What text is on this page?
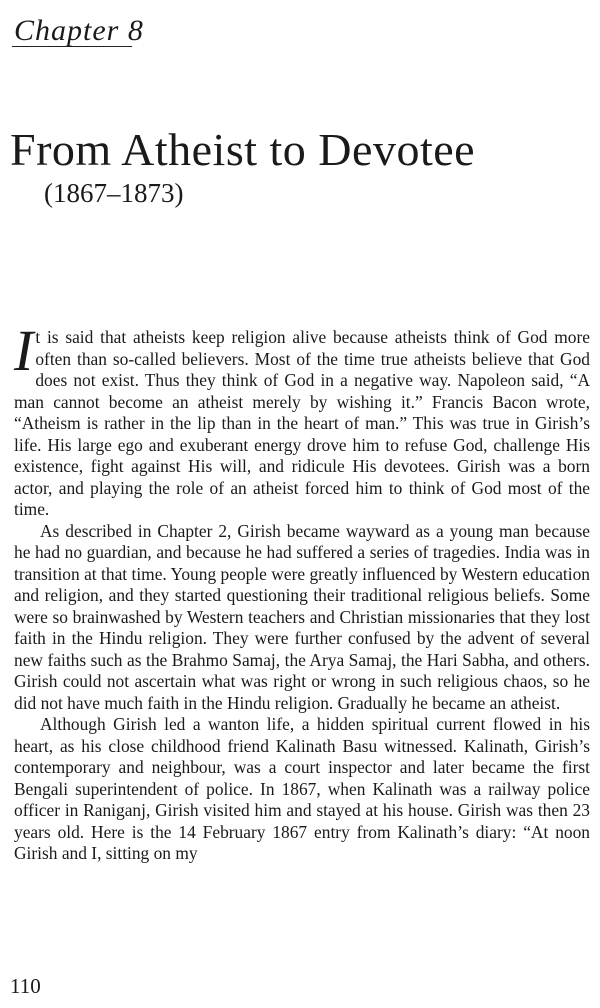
Chapter 8
From Atheist to Devotee
(1867–1873)

It is said that atheists keep religion alive because atheists think of God more often than so-called believers. Most of the time true atheists believe that God does not exist. Thus they think of God in a negative way. Napoleon said, “A man cannot become an atheist merely by wishing it.” Francis Bacon wrote, “Atheism is rather in the lip than in the heart of man.” This was true in Girish’s life. His large ego and exuberant energy drove him to refuse God, challenge His existence, fight against His will, and ridicule His devotees. Girish was a born actor, and playing the role of an atheist forced him to think of God most of the time.

As described in Chapter 2, Girish became wayward as a young man because he had no guardian, and because he had suffered a series of tragedies. India was in transition at that time. Young people were greatly influenced by Western education and religion, and they started questioning their traditional religious beliefs. Some were so brainwashed by Western teachers and Christian missionaries that they lost faith in the Hindu religion. They were further confused by the advent of several new faiths such as the Brahmo Samaj, the Arya Samaj, the Hari Sabha, and others. Girish could not ascertain what was right or wrong in such religious chaos, so he did not have much faith in the Hindu religion. Gradually he became an atheist.

Although Girish led a wanton life, a hidden spiritual current flowed in his heart, as his close childhood friend Kalinath Basu witnessed. Kalinath, Girish’s contemporary and neighbour, was a court inspector and later became the first Bengali superintendent of police. In 1867, when Kalinath was a railway police officer in Raniganj, Girish visited him and stayed at his house. Girish was then 23 years old. Here is the 14 February 1867 entry from Kalinath’s diary: “At noon Girish and I, sitting on my

110
